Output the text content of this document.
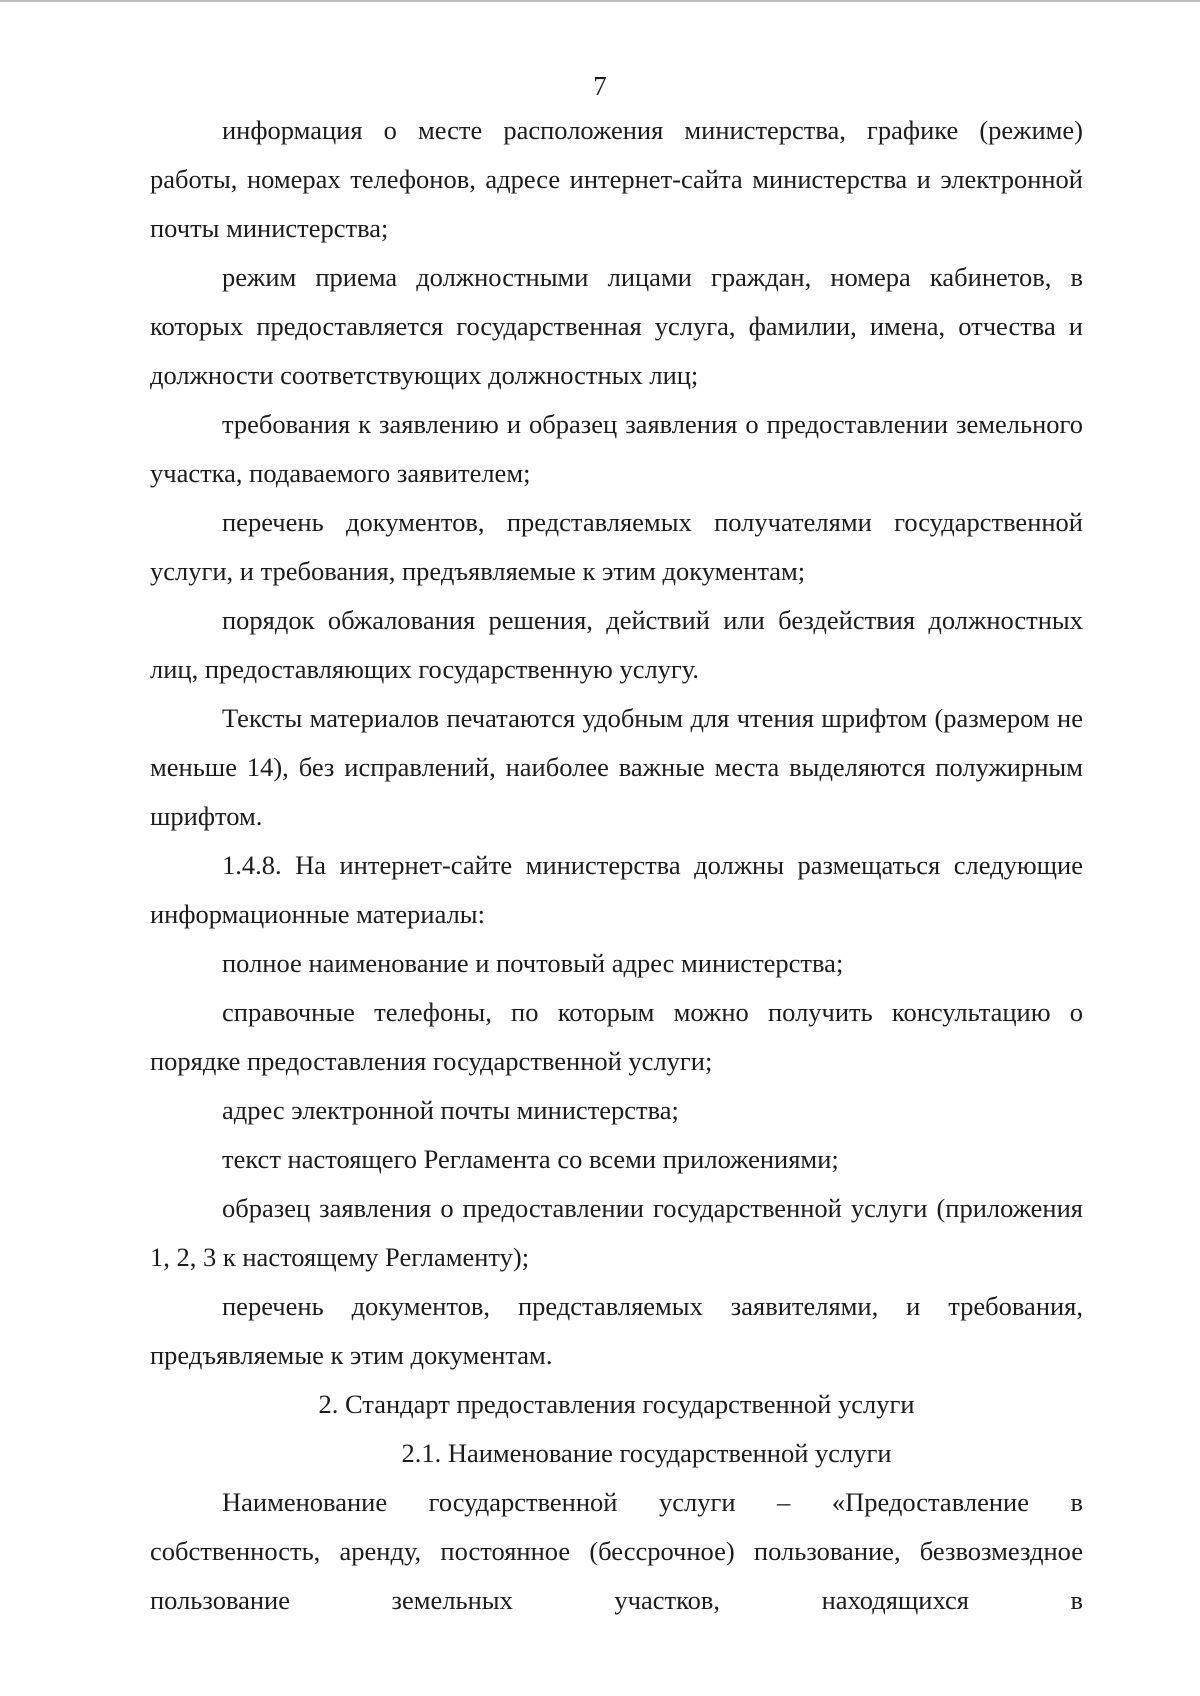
7

информация о месте расположения министерства, графике (режиме) работы, номерах телефонов, адресе интернет-сайта министерства и электронной почты министерства;

режим приема должностными лицами граждан, номера кабинетов, в которых предоставляется государственная услуга, фамилии, имена, отчества и должности соответствующих должностных лиц;

требования к заявлению и образец заявления о предоставлении земельного участка, подаваемого заявителем;

перечень документов, представляемых получателями государственной услуги, и требования, предъявляемые к этим документам;

порядок обжалования решения, действий или бездействия должностных лиц, предоставляющих государственную услугу.

Тексты материалов печатаются удобным для чтения шрифтом (размером не меньше 14), без исправлений, наиболее важные места выделяются полужирным шрифтом.

1.4.8. На интернет-сайте министерства должны размещаться следующие информационные материалы:

полное наименование и почтовый адрес министерства;

справочные телефоны, по которым можно получить консультацию о порядке предоставления государственной услуги;

адрес электронной почты министерства;

текст настоящего Регламента со всеми приложениями;

образец заявления о предоставлении государственной услуги (приложения 1, 2, 3 к настоящему Регламенту);

перечень документов, представляемых заявителями, и требования, предъявляемые к этим документам.

2. Стандарт предоставления государственной услуги

2.1. Наименование государственной услуги

Наименование государственной услуги – «Предоставление в собственность, аренду, постоянное (бессрочное) пользование, безвозмездное пользование земельных участков, находящихся в
